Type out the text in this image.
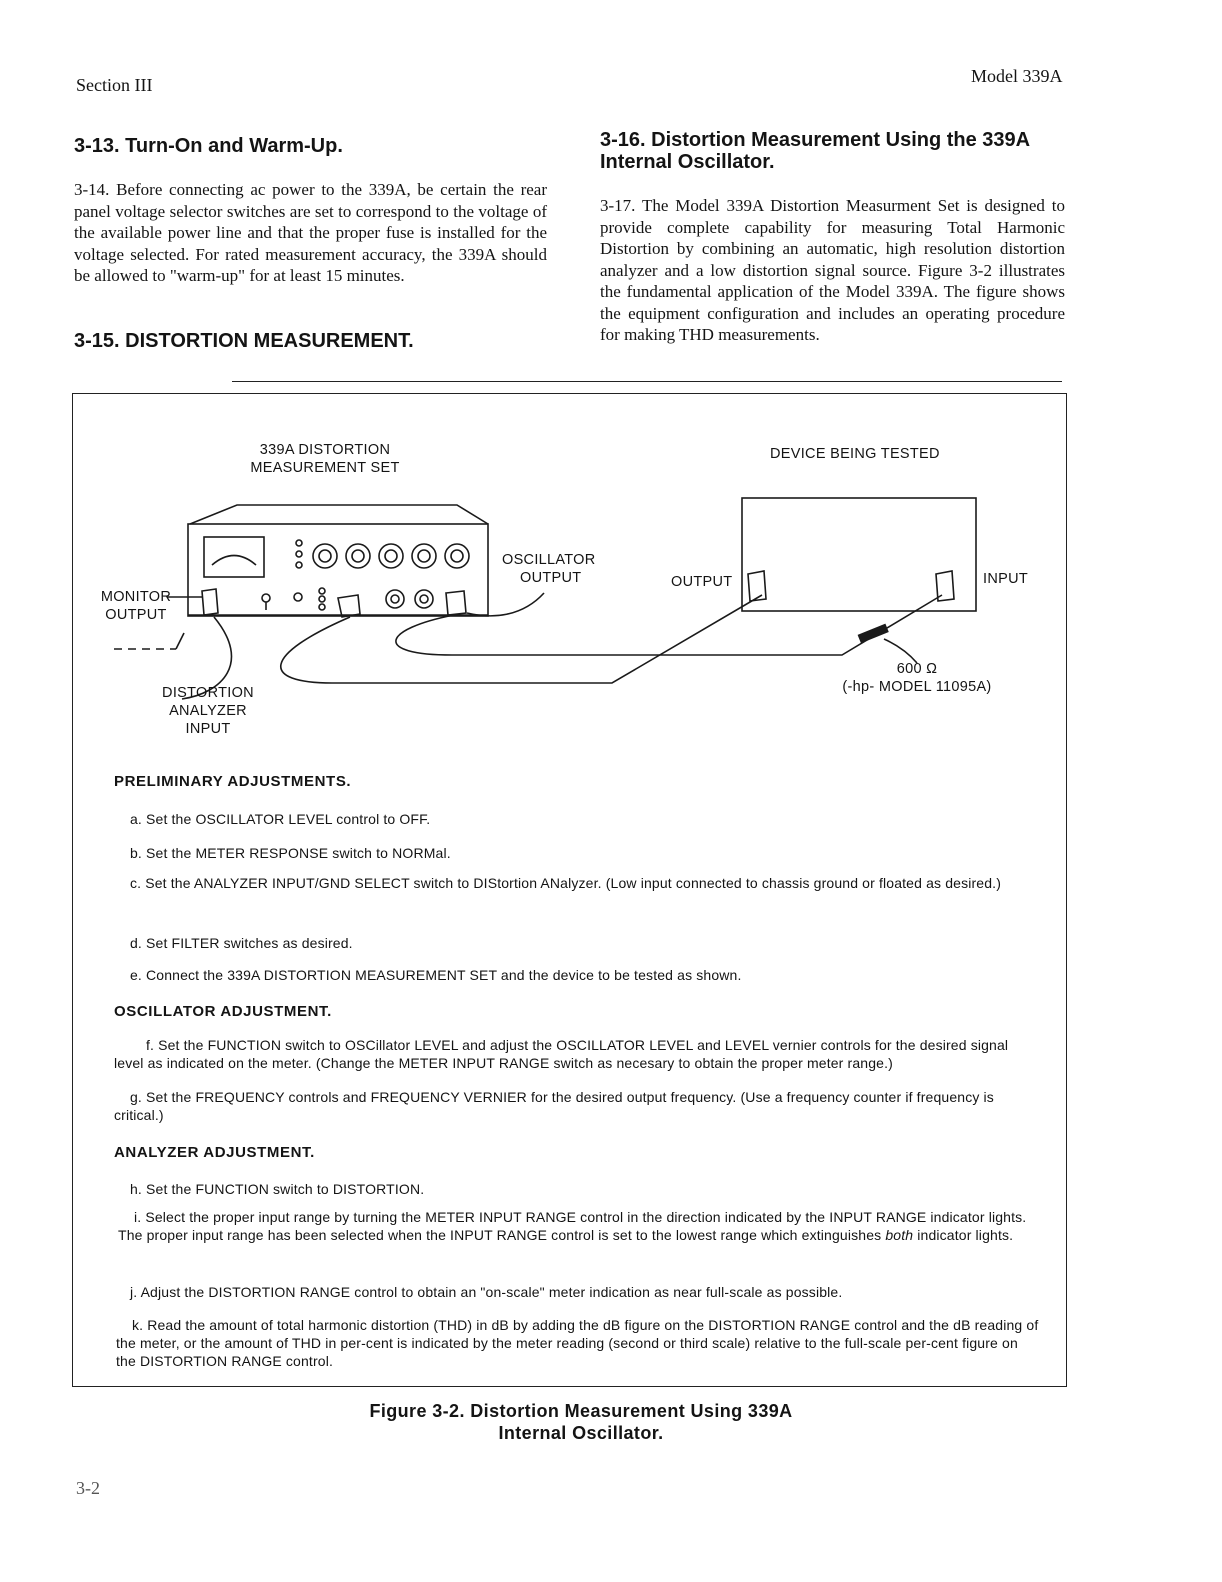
Section III	Model 339A
3-13. Turn-On and Warm-Up.
3-14. Before connecting ac power to the 339A, be certain the rear panel voltage selector switches are set to correspond to the voltage of the available power line and that the proper fuse is installed for the voltage selected. For rated measurement accuracy, the 339A should be allowed to "warm-up" for at least 15 minutes.
3-15. DISTORTION MEASUREMENT.
3-16. Distortion Measurement Using the 339A
Internal Oscillator.
3-17. The Model 339A Distortion Measurment Set is designed to provide complete capability for measuring Total Harmonic Distortion by combining an automatic, high resolution distortion analyzer and a low distortion signal source. Figure 3-2 illustrates the fundamental application of the Model 339A. The figure shows the equipment configuration and includes an operating procedure for making THD measurements.
339A DISTORTION
MEASUREMENT SET
DEVICE BEING TESTED
OSCILLATOR
OUTPUT
MONITOR
OUTPUT
OUTPUT	INPUT
600 Ω
(-hp- MODEL 11095A)
DISTORTION
ANALYZER
INPUT
PRELIMINARY ADJUSTMENTS.
a. Set the OSCILLATOR LEVEL control to OFF.
b. Set the METER RESPONSE switch to NORMal.
c. Set the ANALYZER INPUT/GND SELECT switch to DIStortion ANalyzer. (Low input connected to chassis ground or floated as desired.)
d. Set FILTER switches as desired.
e. Connect the 339A DISTORTION MEASUREMENT SET and the device to be tested as shown.
OSCILLATOR ADJUSTMENT.
f. Set the FUNCTION switch to OSCillator LEVEL and adjust the OSCILLATOR LEVEL and LEVEL vernier controls for the desired signal level as indicated on the meter. (Change the METER INPUT RANGE switch as necesary to obtain the proper meter range.)
g. Set the FREQUENCY controls and FREQUENCY VERNIER for the desired output frequency. (Use a frequency counter if frequency is critical.)
ANALYZER ADJUSTMENT.
h. Set the FUNCTION switch to DISTORTION.
i. Select the proper input range by turning the METER INPUT RANGE control in the direction indicated by the INPUT RANGE indicator lights. The proper input range has been selected when the INPUT RANGE control is set to the lowest range which extinguishes both indicator lights.
j. Adjust the DISTORTION RANGE control to obtain an "on-scale" meter indication as near full-scale as possible.
k. Read the amount of total harmonic distortion (THD) in dB by adding the dB figure on the DISTORTION RANGE control and the dB reading of the meter, or the amount of THD in per-cent is indicated by the meter reading (second or third scale) relative to the full-scale per-cent figure on the DISTORTION RANGE control.
Figure 3-2. Distortion Measurement Using 339A
Internal Oscillator.
3-2
